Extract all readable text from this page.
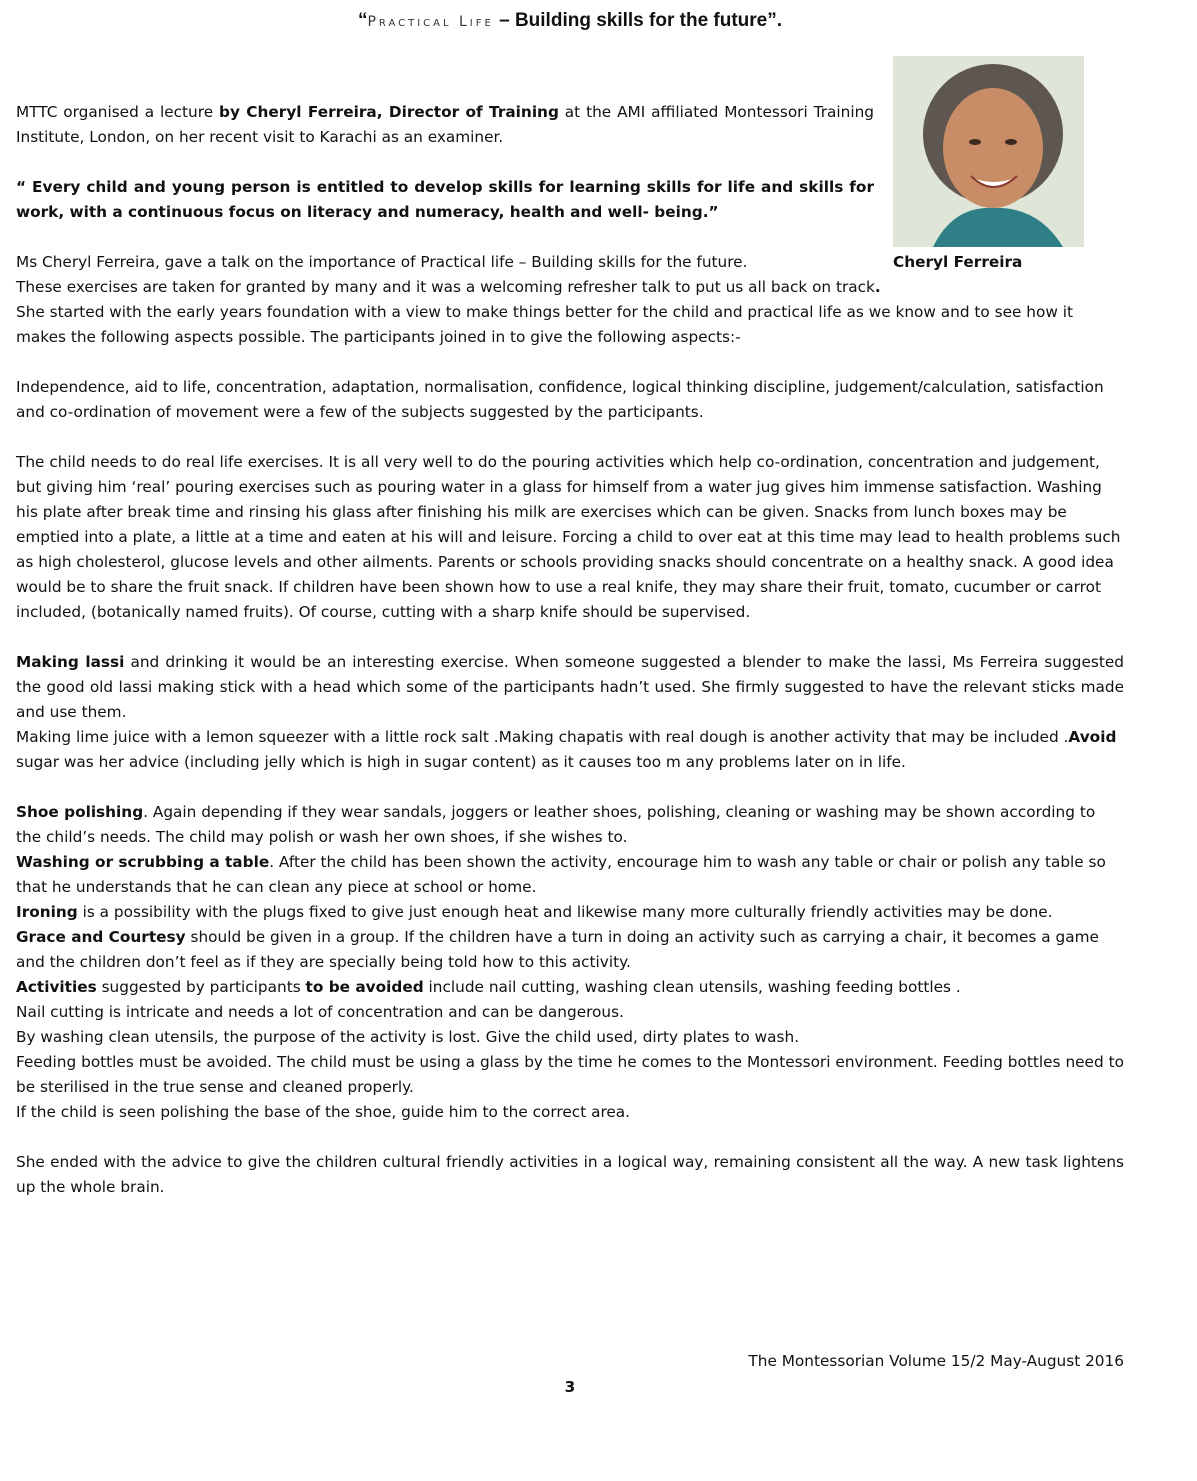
“Practical Life – Building skills for the future”.

MTTC organised a lecture by Cheryl Ferreira, Director of Training at the AMI affiliated Montessori Training Institute, London, on her recent visit to Karachi as an examiner.

“ Every child and young person is entitled to develop skills for learning skills for life and skills for work, with a continuous focus on literacy and numeracy, health and well- being.”

Ms Cheryl Ferreira, gave a talk on the importance of Practical life – Building skills for the future.	Cheryl Ferreira

These exercises are taken for granted by many and it was a welcoming refresher talk to put us all back on track.

She started with the early years foundation with a view to make things better for the child and practical life as we know and to see how it makes the following aspects possible. The participants joined in to give the following aspects:-

Independence, aid to life, concentration, adaptation, normalisation, confidence, logical thinking discipline, judgement/calculation, satisfaction and co-ordination of movement were a few of the subjects suggested by the participants.

The child needs to do real life exercises. It is all very well to do the pouring activities which help co-ordination, concentration and judgement, but giving him ‘real’ pouring exercises such as pouring water in a glass for himself from a water jug gives him immense satisfaction. Washing his plate after break time and rinsing his glass after finishing his milk are exercises which can be given. Snacks from lunch boxes may be emptied into a plate, a little at a time and eaten at his will and leisure. Forcing a child to over eat at this time may lead to health problems such as high cholesterol, glucose levels and other ailments. Parents or schools providing snacks should concentrate on a healthy snack. A good idea would be to share the fruit snack. If children have been shown how to use a real knife, they may share their fruit, tomato, cucumber or carrot included, (botanically named fruits). Of course, cutting with a sharp knife should be supervised.

Making lassi and drinking it would be an interesting exercise. When someone suggested a blender to make the lassi, Ms Ferreira suggested the good old lassi making stick with a head which some of the participants hadn’t used. She firmly suggested to have the relevant sticks made and use them.

Making lime juice with a lemon squeezer with a little rock salt .Making chapatis with real dough is another activity that may be included .Avoid sugar was her advice (including jelly which is high in sugar content) as it causes too m any problems later on in life.

Shoe polishing. Again depending if they wear sandals, joggers or leather shoes, polishing, cleaning or washing may be shown according to the child’s needs. The child may polish or wash her own shoes, if she wishes to.

Washing or scrubbing a table. After the child has been shown the activity, encourage him to wash any table or chair or polish any table so that he understands that he can clean any piece at school or home.

Ironing is a possibility with the plugs fixed to give just enough heat and likewise many more culturally friendly activities may be done.

Grace and Courtesy should be given in a group. If the children have a turn in doing an activity such as carrying a chair, it becomes a game and the children don’t feel as if they are specially being told how to this activity.

Activities suggested by participants to be avoided include nail cutting, washing clean utensils, washing feeding bottles .

Nail cutting is intricate and needs a lot of concentration and can be dangerous.

By washing clean utensils, the purpose of the activity is lost. Give the child used, dirty plates to wash.

Feeding bottles must be avoided. The child must be using a glass by the time he comes to the Montessori environment. Feeding bottles need to be sterilised in the true sense and cleaned properly.

If the child is seen polishing the base of the shoe, guide him to the correct area.

She ended with the advice to give the children cultural friendly activities in a logical way, remaining consistent all the way. A new task lightens up the whole brain.

The Montessorian Volume 15/2 May-August 2016
3
